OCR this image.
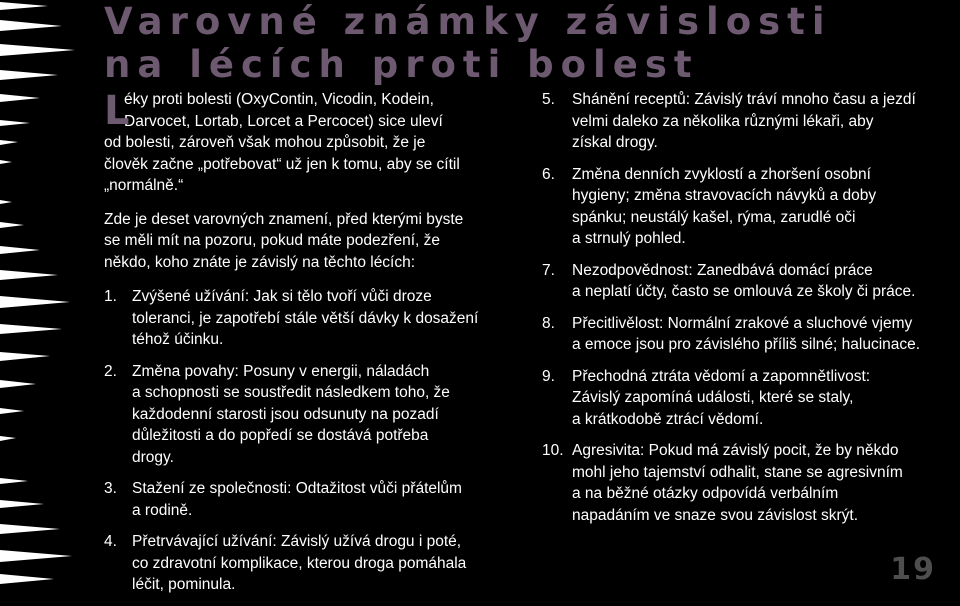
Varovné známky závislosti
na lécích proti bolest

L
éky proti bolesti (OxyContin, Vicodin, Kodein,
Darvocet, Lortab, Lorcet a Percocet) sice uleví
od bolesti, zároveň však mohou způsobit, že je
člověk začne „potřebovat“ už jen k tomu, aby se cítil
„normálně.“

Zde je deset varovných znamení, před kterými byste
se měli mít na pozoru, pokud máte podezření, že
někdo, koho znáte je závislý na těchto lécích:

1. Zvýšené užívání: Jak si tělo tvoří vůči droze
toleranci, je zapotřebí stále větší dávky k dosažení
téhož účinku.
2. Změna povahy: Posuny v energii, náladách
a schopnosti se soustředit následkem toho, že
každodenní starosti jsou odsunuty na pozadí
důležitosti a do popředí se dostává potřeba
drogy.
3. Stažení ze společnosti: Odtažitost vůči přátelům
a rodině.
4. Přetrvávající užívání: Závislý užívá drogu i poté,
co zdravotní komplikace, kterou droga pomáhala
léčit, pominula.
5. Shánění receptů: Závislý tráví mnoho času a jezdí
velmi daleko za několika různými lékaři, aby
získal drogy.
6. Změna denních zvyklostí a zhoršení osobní
hygieny; změna stravovacích návyků a doby
spánku; neustálý kašel, rýma, zarudlé oči
a strnulý pohled.
7. Nezodpovědnost: Zanedbává domácí práce
a neplatí účty, často se omlouvá ze školy či práce.
8. Přecitlivělost: Normální zrakové a sluchové vjemy
a emoce jsou pro závislého příliš silné; halucinace.
9. Přechodná ztráta vědomí a zapomnětlivost:
Závislý zapomíná události, které se staly,
a krátkodobě ztrácí vědomí.
10. Agresivita: Pokud má závislý pocit, že by někdo
mohl jeho tajemství odhalit, stane se agresivním
a na běžné otázky odpovídá verbálním
napadáním ve snaze svou závislost skrýt.
19
